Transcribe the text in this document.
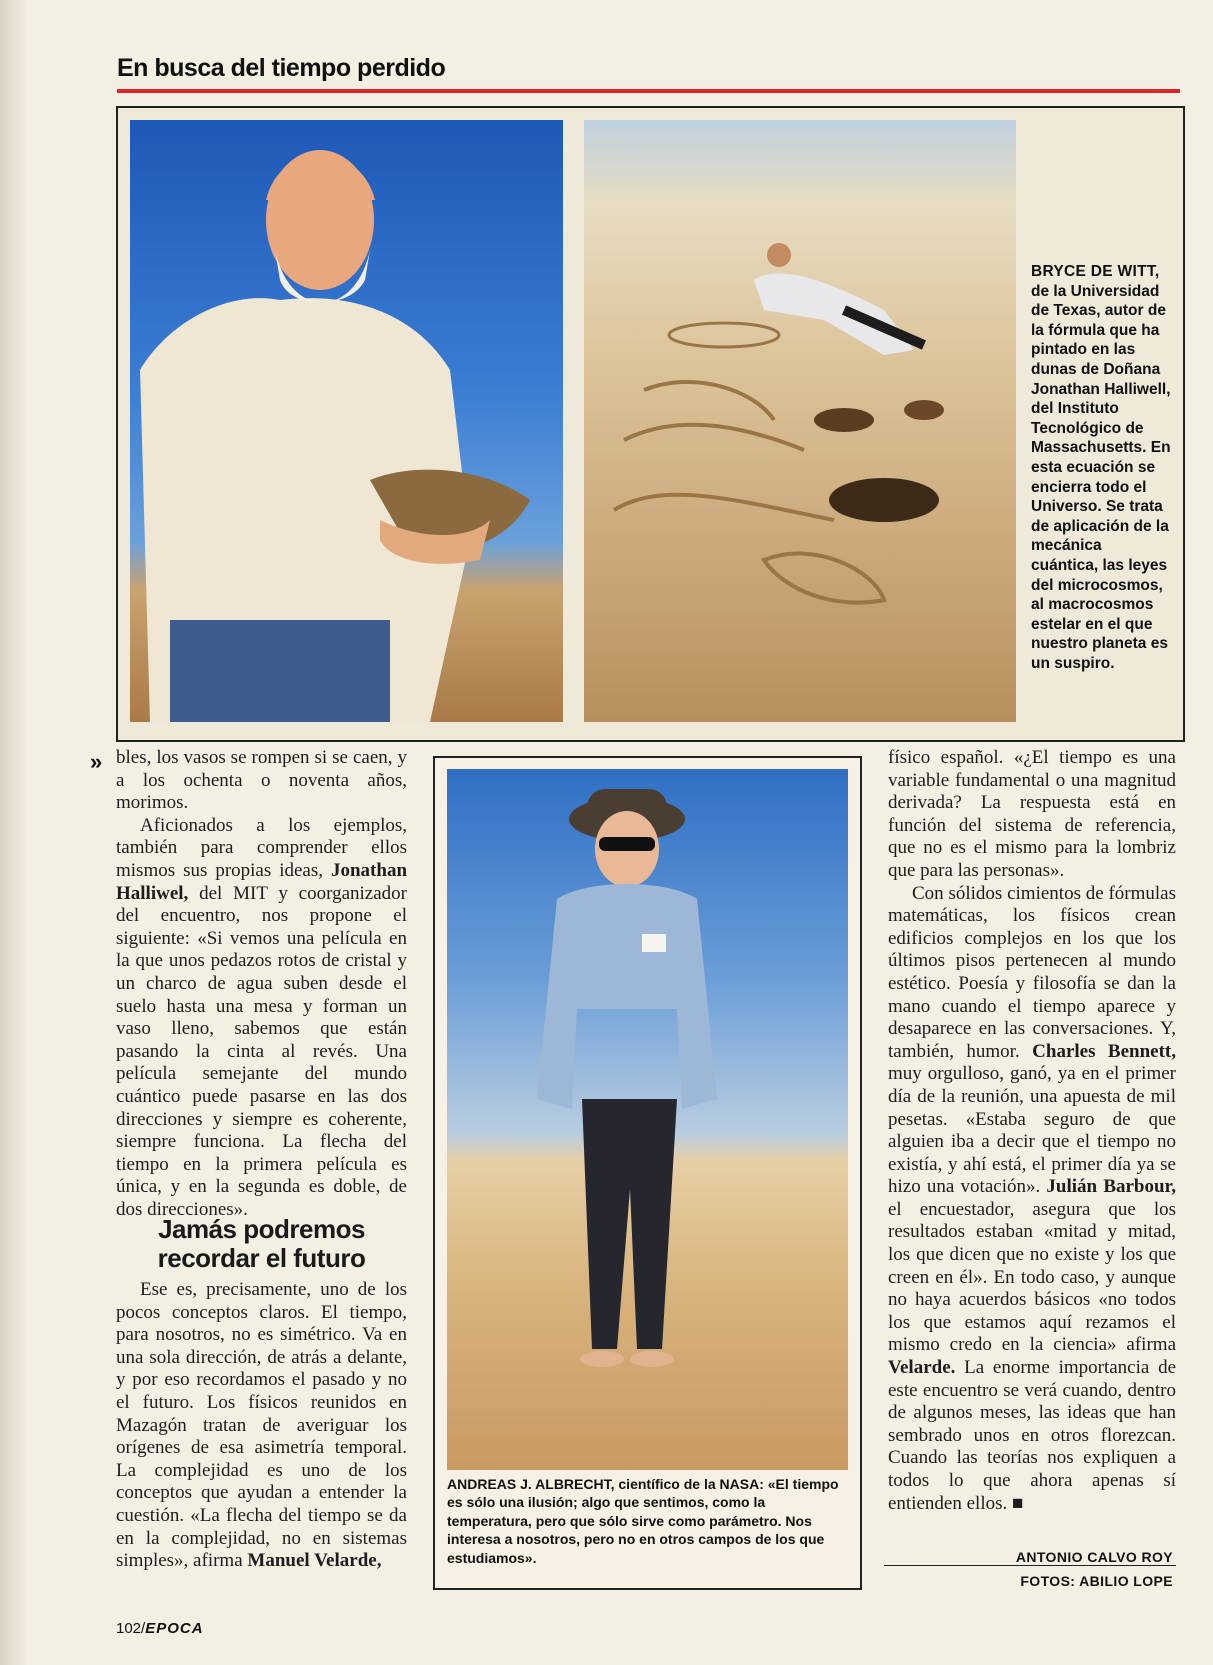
En busca del tiempo perdido
BRYCE DE WITT, de la Universidad de Texas, autor de la fórmula que ha pintado en las dunas de Doñana Jonathan Halliwell, del Instituto Tecnológico de Massachusetts. En esta ecuación se encierra todo el Universo. Se trata de aplicación de la mecánica cuántica, las leyes del microcosmos, al macrocosmos estelar en el que nuestro planeta es un suspiro.
» bles, los vasos se rompen si se caen, y a los ochenta o noventa años, morimos.

Aficionados a los ejemplos, también para comprender ellos mismos sus propias ideas, Jonathan Halliwel, del MIT y coorganizador del encuentro, nos propone el siguiente: «Si vemos una película en la que unos pedazos rotos de cristal y un charco de agua suben desde el suelo hasta una mesa y forman un vaso lleno, sabemos que están pasando la cinta al revés. Una película semejante del mundo cuántico puede pasarse en las dos direcciones y siempre es coherente, siempre funciona. La flecha del tiempo en la primera película es única, y en la segunda es doble, de dos direcciones».

Jamás podremos
recordar el futuro

Ese es, precisamente, uno de los pocos conceptos claros. El tiempo, para nosotros, no es simétrico. Va en una sola dirección, de atrás a delante, y por eso recordamos el pasado y no el futuro. Los físicos reunidos en Mazagón tratan de averiguar los orígenes de esa asimetría temporal. La complejidad es uno de los conceptos que ayudan a entender la cuestión. «La flecha del tiempo se da en la complejidad, no en sistemas simples», afirma Manuel Velarde,

ANDREAS J. ALBRECHT, científico de la NASA: «El tiempo es sólo una ilusión; algo que sentimos, como la temperatura, pero que sólo sirve como parámetro. Nos interesa a nosotros, pero no en otros campos de los que estudiamos».

físico español. «¿El tiempo es una variable fundamental o una magnitud derivada? La respuesta está en función del sistema de referencia, que no es el mismo para la lombriz que para las personas».

Con sólidos cimientos de fórmulas matemáticas, los físicos crean edificios complejos en los que los últimos pisos pertenecen al mundo estético. Poesía y filosofía se dan la mano cuando el tiempo aparece y desaparece en las conversaciones. Y, también, humor. Charles Bennett, muy orgulloso, ganó, ya en el primer día de la reunión, una apuesta de mil pesetas. «Estaba seguro de que alguien iba a decir que el tiempo no existía, y ahí está, el primer día ya se hizo una votación». Julián Barbour, el encuestador, asegura que los resultados estaban «mitad y mitad, los que dicen que no existe y los que creen en él». En todo caso, y aunque no haya acuerdos básicos «no todos los que estamos aquí rezamos el mismo credo en la ciencia» afirma Velarde. La enorme importancia de este encuentro se verá cuando, dentro de algunos meses, las ideas que han sembrado unos en otros florezcan. Cuando las teorías nos expliquen a todos lo que ahora apenas sí entienden ellos. ■

ANTONIO CALVO ROY
FOTOS: ABILIO LOPE
102/EPOCA
